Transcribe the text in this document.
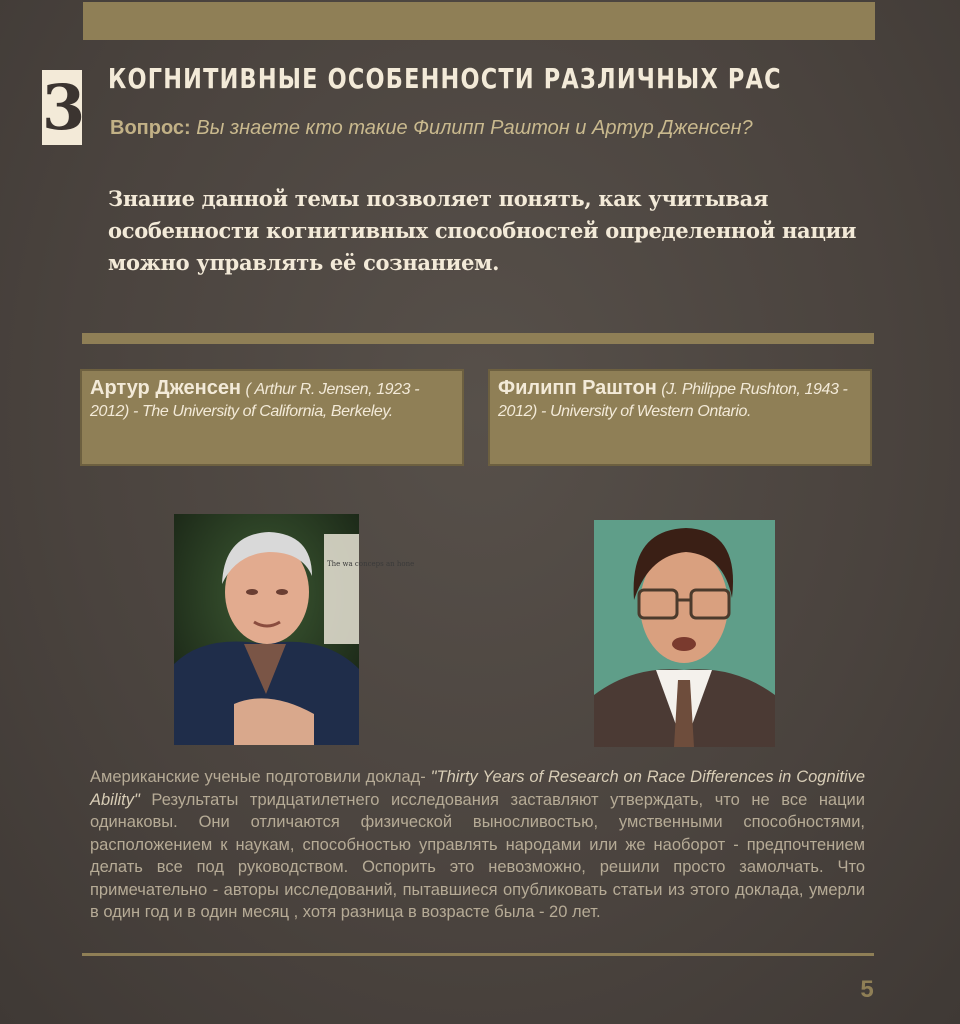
3 КОГНИТИВНЫЕ ОСОБЕННОСТИ РАЗЛИЧНЫХ РАС
Вопрос: Вы знаете кто такие Филипп Раштон и Артур Дженсен?

Знание данной темы позволяет понять, как учитывая особенности когнитивных способностей определенной нации можно управлять её сознанием.

Артур Дженсен ( Arthur R. Jensen, 1923 - 2012) - The University of California, Berkeley.
Филипп Раштон (J. Philippe Rushton, 1943 - 2012) - University of Western Ontario.
The wa conceps an hone

Американские ученые подготовили доклад- "Thirty Years of Research on Race Differences in Cognitive Ability" Результаты тридцатилетнего исследования заставляют утверждать, что не все нации одинаковы. Они отличаются физической выносливостью, умственными способностями, расположением к наукам, способностью управлять народами или же наоборот - предпочтением делать все под руководством. Оспорить это невозможно, решили просто замолчать. Что примечательно - авторы исследований, пытавшиеся опубликовать статьи из этого доклада, умерли в один год и в один месяц , хотя разница в возрасте была - 20 лет.

5
